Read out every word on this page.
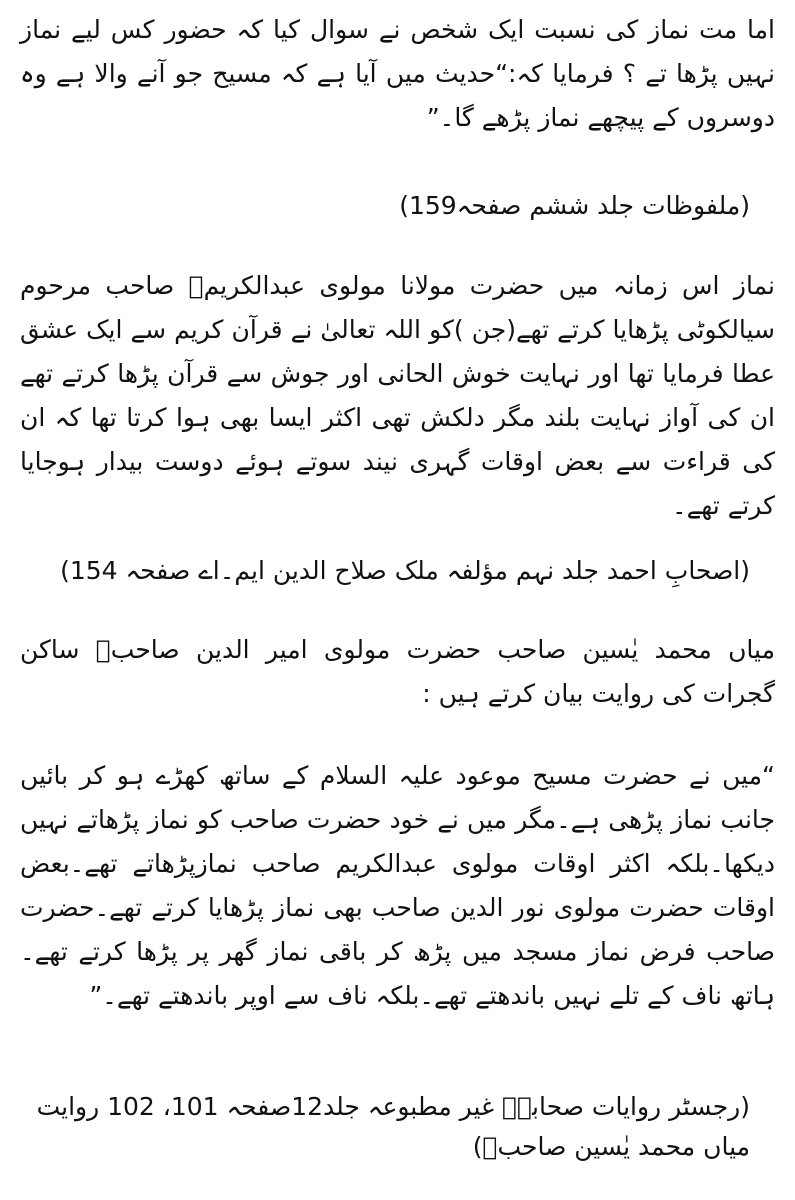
اما مت نماز کی نسبت ایک شخص نے سوال کیا کہ حضور کس لیے نماز نہیں پڑھا تے ؟ فرمایا کہ:“حدیث میں آیا ہے کہ مسیح جو آنے والا ہے وہ دوسروں کے پیچھے نماز پڑھے گا۔”

(ملفوظات جلد ششم صفحہ159)

نماز اس زمانہ میں حضرت مولانا مولوی عبدالکریمؓ صاحب مرحوم سیالکوٹی پڑھایا کرتے تھے(جن )کو اللہ تعالیٰ نے قرآن کریم سے ایک عشق عطا فرمایا تھا اور نہایت خوش الحانی اور جوش سے قرآن پڑھا کرتے تھے ان کی آواز نہایت بلند مگر دلکش تھی اکثر ایسا بھی ہوا کرتا تھا کہ ان کی قراءت سے بعض اوقات گہری نیند سوتے ہوئے دوست بیدار ہوجایا کرتے تھے۔

(اصحابِ احمد جلد نہم مؤلفہ ملک صلاح الدین ایم۔اے صفحہ 154)

میاں محمد یٰسین صاحب حضرت مولوی امیر الدین صاحبؓ ساکن گجرات کی روایت بیان کرتے ہیں :

“میں نے حضرت مسیح موعود علیہ السلام کے ساتھ کھڑے ہو کر بائیں جانب نماز پڑھی ہے۔مگر میں نے خود حضرت صاحب کو نماز پڑھاتے نہیں دیکھا۔بلکہ اکثر اوقات مولوی عبدالکریم صاحب نمازپڑھاتے تھے۔بعض اوقات حضرت مولوی نور الدین صاحب بھی نماز پڑھایا کرتے تھے۔حضرت صاحب فرض نماز مسجد میں پڑھ کر باقی نماز گھر پر پڑھا کرتے تھے۔ہاتھ ناف کے تلے نہیں باندھتے تھے۔بلکہ ناف سے اوپر باندھتے تھے۔”

(رجسٹر روایات صحابہؓ غیر مطبوعہ جلد12صفحہ 101، 102 روایت میاں محمد یٰسین صاحبؓ)
